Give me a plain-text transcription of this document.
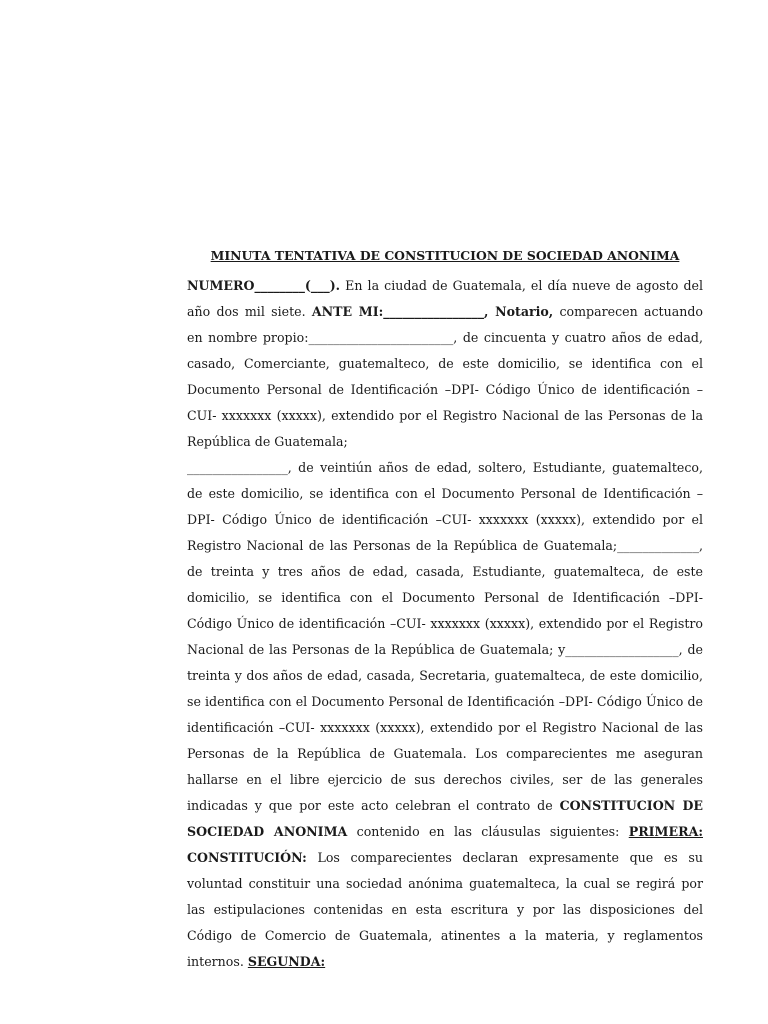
MINUTA TENTATIVA DE CONSTITUCION DE SOCIEDAD ANONIMA

NUMERO________(___). En la ciudad de Guatemala, el día nueve de agosto del año dos mil siete. ANTE MI:________________, Notario, comparecen actuando en nombre propio:_______________________, de cincuenta y cuatro años de edad, casado, Comerciante, guatemalteco, de este domicilio, se identifica con el Documento Personal de Identificación –DPI- Código Único de identificación –CUI- xxxxxxx (xxxxx), extendido por el Registro Nacional de las Personas de la República de Guatemala;

________________, de veintiún años de edad, soltero, Estudiante, guatemalteco, de este domicilio, se identifica con el Documento Personal de Identificación –DPI- Código Único de identificación –CUI- xxxxxxx (xxxxx), extendido por el Registro Nacional de las Personas de la República de Guatemala;_____________, de treinta y tres años de edad, casada, Estudiante, guatemalteca, de este domicilio, se identifica con el Documento Personal de Identificación –DPI- Código Único de identificación –CUI- xxxxxxx (xxxxx), extendido por el Registro Nacional de las Personas de la República de Guatemala; y__________________, de treinta y dos años de edad, casada, Secretaria, guatemalteca, de este domicilio, se identifica con el Documento Personal de Identificación –DPI- Código Único de identificación –CUI- xxxxxxx (xxxxx), extendido por el Registro Nacional de las Personas de la República de Guatemala. Los comparecientes me aseguran hallarse en el libre ejercicio de sus derechos civiles, ser de las generales indicadas y que por este acto celebran el contrato de CONSTITUCION DE SOCIEDAD ANONIMA contenido en las cláusulas siguientes: PRIMERA: CONSTITUCIÓN: Los comparecientes declaran expresamente que es su voluntad constituir una sociedad anónima guatemalteca, la cual se regirá por las estipulaciones contenidas en esta escritura y por las disposiciones del Código de Comercio de Guatemala, atinentes a la materia, y reglamentos internos. SEGUNDA:
